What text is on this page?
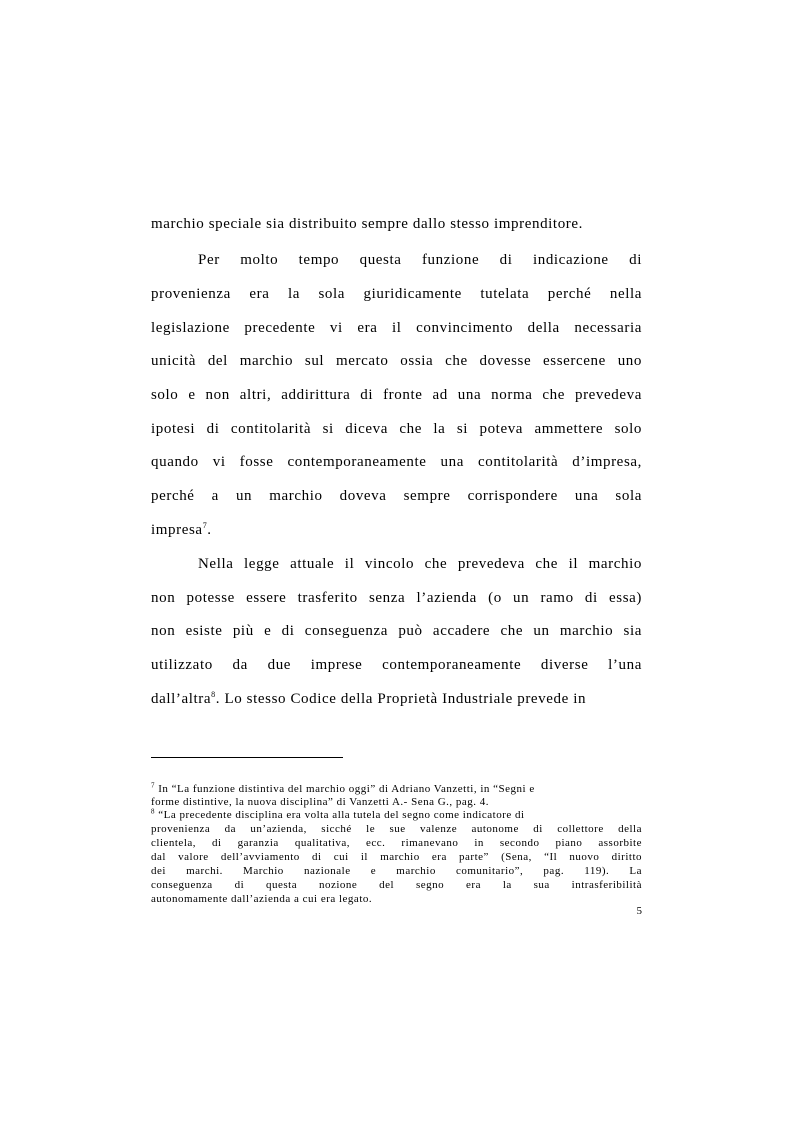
marchio speciale sia distribuito sempre dallo stesso imprenditore.
Per molto tempo questa funzione di indicazione di
provenienza era la sola giuridicamente tutelata perché nella
legislazione precedente vi era il convincimento della necessaria
unicità del marchio sul mercato ossia che dovesse essercene uno
solo e non altri, addirittura di fronte ad una norma che prevedeva
ipotesi di contitolarità si diceva che la si poteva ammettere solo
quando vi fosse contemporaneamente una contitolarità d’impresa,
perché a un marchio doveva sempre corrispondere una sola
impresa$^7$.
Nella legge attuale il vincolo che prevedeva che il marchio
non potesse essere trasferito senza l’azienda (o un ramo di essa)
non esiste più e di conseguenza può accadere che un marchio sia
utilizzato da due imprese contemporaneamente diverse l’una
dall’altra$^8$. Lo stesso Codice della Proprietà Industriale prevede in
$^7$ In “La funzione distintiva del marchio oggi” di Adriano Vanzetti, in “Segni e
forme distintive, la nuova disciplina” di Vanzetti A.- Sena G., pag. 4.
$^8$ “La precedente disciplina era volta alla tutela del segno come indicatore di
provenienza da un’azienda, sicché le sue valenze autonome di collettore della
clientela, di garanzia qualitativa, ecc. rimanevano in secondo piano assorbite
dal valore dell’avviamento di cui il marchio era parte” (Sena, “Il nuovo diritto
dei marchi. Marchio nazionale e marchio comunitario”, pag. 119). La
conseguenza di questa nozione del segno era la sua intrasferibilità
autonomamente dall’azienda a cui era legato.
5
